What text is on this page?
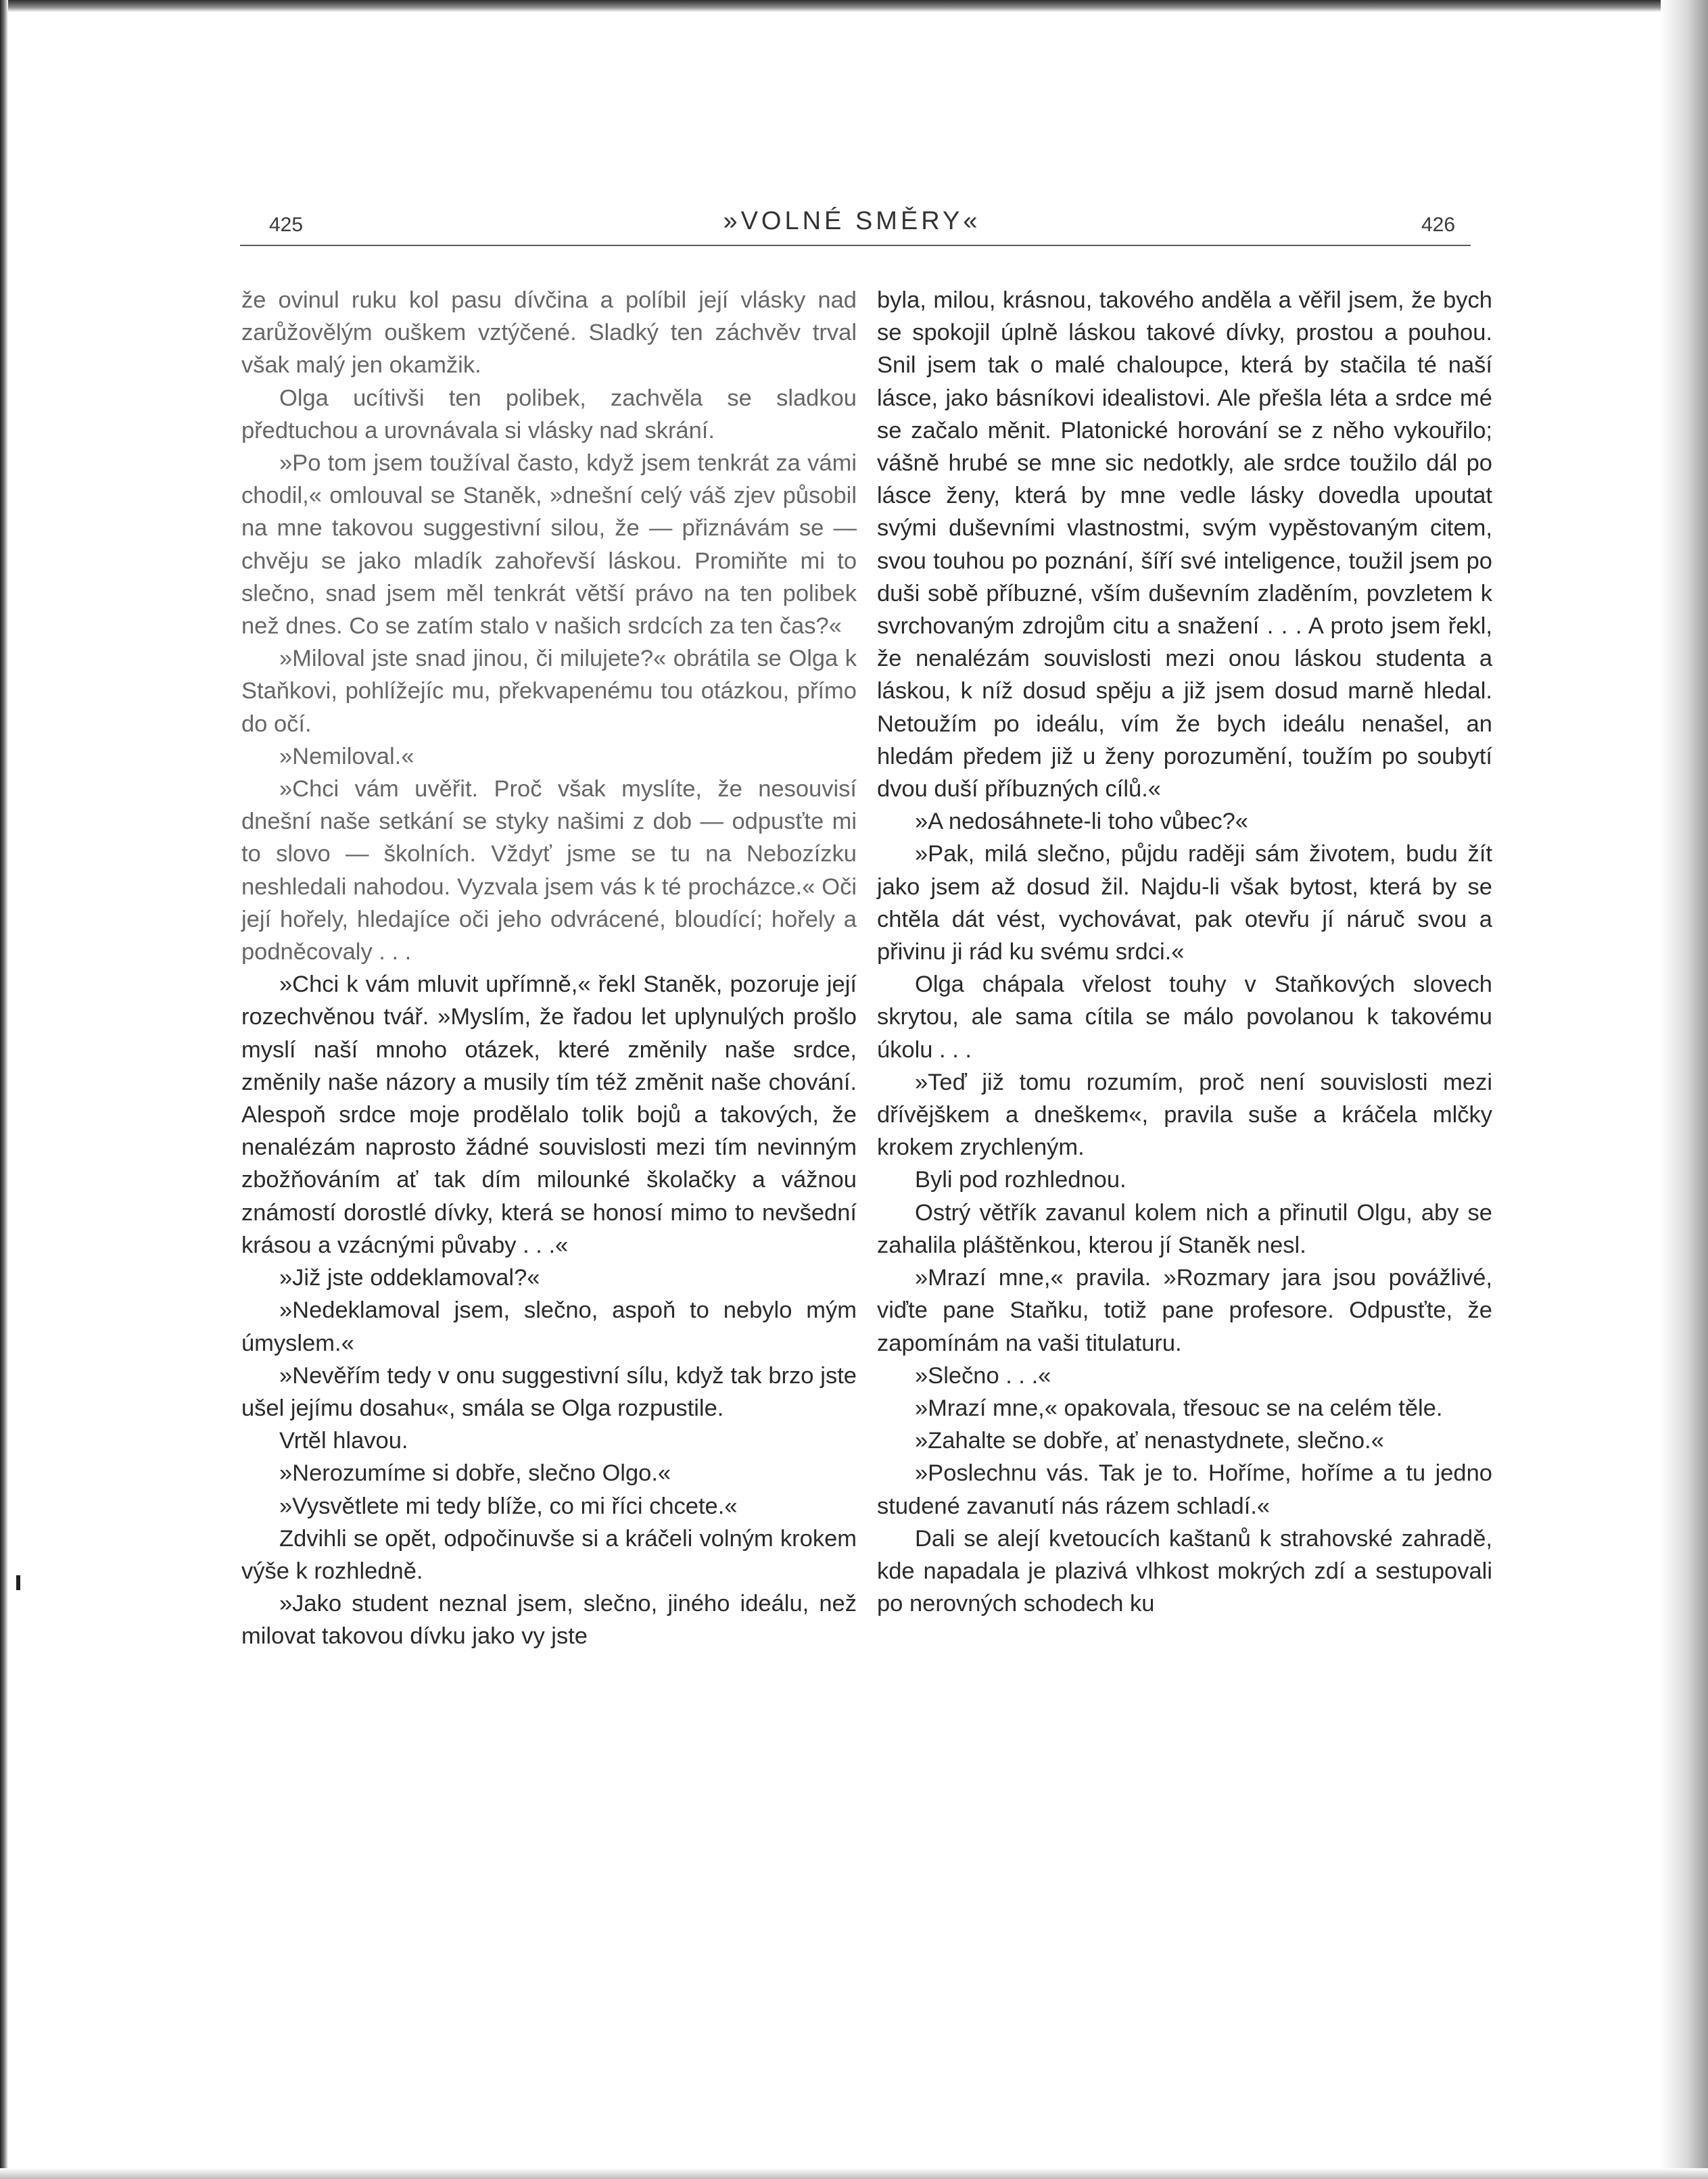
425	»VOLNÉ SMĚRY«	426

že ovinul ruku kol pasu dívčina a políbil její vlásky nad zarůžovělým ouškem vztýčené. Sladký ten záchvěv trval však malý jen okamžik.

Olga ucítivši ten polibek, zachvěla se sladkou předtuchou a urovnávala si vlásky nad skrání.

»Po tom jsem toužíval často, když jsem tenkrát za vámi chodil,« omlouval se Staněk, »dnešní celý váš zjev působil na mne takovou suggestivní silou, že — přiznávám se — chvěju se jako mladík zahořevší láskou. Promiňte mi to slečno, snad jsem měl tenkrát větší právo na ten polibek než dnes. Co se zatím stalo v našich srdcích za ten čas?«

»Miloval jste snad jinou, či milujete?« obrátila se Olga k Staňkovi, pohlížejíc mu, překvapenému tou otázkou, přímo do očí.

»Nemiloval.«

»Chci vám uvěřit. Proč však myslíte, že nesouvisí dnešní naše setkání se styky našimi z dob — odpusťte mi to slovo — školních. Vždyť jsme se tu na Nebozízku neshledali nahodou. Vyzvala jsem vás k té procházce.« Oči její hořely, hledajíce oči jeho odvrácené, bloudící; hořely a podněcovaly . . .

»Chci k vám mluvit upřímně,« řekl Staněk, pozoruje její rozechvěnou tvář. »Myslím, že řadou let uplynulých prošlo myslí naší mnoho otázek, které změnily naše srdce, změnily naše názory a musily tím též změnit naše chování. Alespoň srdce moje prodělalo tolik bojů a takových, že nenalézám naprosto žádné souvislosti mezi tím nevinným zbožňováním ať tak dím milounké školačky a vážnou známostí dorostlé dívky, která se honosí mimo to nevšední krásou a vzácnými půvaby . . .«

»Již jste oddeklamoval?«

»Nedeklamoval jsem, slečno, aspoň to nebylo mým úmyslem.«

»Nevěřím tedy v onu suggestivní sílu, když tak brzo jste ušel jejímu dosahu«, smála se Olga rozpustile.

Vrtěl hlavou.

»Nerozumíme si dobře, slečno Olgo.«

»Vysvětlete mi tedy blíže, co mi říci chcete.«

Zdvihli se opět, odpočinuvše si a kráčeli volným krokem výše k rozhledně.

»Jako student neznal jsem, slečno, jiného ideálu, než milovat takovou dívku jako vy jste

byla, milou, krásnou, takového anděla a věřil jsem, že bych se spokojil úplně láskou takové dívky, prostou a pouhou. Snil jsem tak o malé chaloupce, která by stačila té naší lásce, jako básníkovi idealistovi. Ale přešla léta a srdce mé se začalo měnit. Platonické horování se z něho vykouřilo; vášně hrubé se mne sic nedotkly, ale srdce toužilo dál po lásce ženy, která by mne vedle lásky dovedla upoutat svými duševními vlastnostmi, svým vypěstovaným citem, svou touhou po poznání, šíří své inteligence, toužil jsem po duši sobě příbuzné, vším duševním zladěním, povzletem k svrchovaným zdrojům citu a snažení . . . A proto jsem řekl, že nenalézám souvislosti mezi onou láskou studenta a láskou, k níž dosud spěju a již jsem dosud marně hledal. Netoužím po ideálu, vím že bych ideálu nenašel, an hledám předem již u ženy porozumění, toužím po soubytí dvou duší příbuzných cílů.«

»A nedosáhnete-li toho vůbec?«

»Pak, milá slečno, půjdu raději sám životem, budu žít jako jsem až dosud žil. Najdu-li však bytost, která by se chtěla dát vést, vychovávat, pak otevřu jí náruč svou a přivinu ji rád ku svému srdci.«

Olga chápala vřelost touhy v Staňkových slovech skrytou, ale sama cítila se málo povolanou k takovému úkolu . . .

»Teď již tomu rozumím, proč není souvislosti mezi dřívějškem a dneškem«, pravila suše a kráčela mlčky krokem zrychleným.

Byli pod rozhlednou.

Ostrý větřík zavanul kolem nich a přinutil Olgu, aby se zahalila pláštěnkou, kterou jí Staněk nesl.

»Mrazí mne,« pravila. »Rozmary jara jsou povážlivé, viďte pane Staňku, totiž pane profesore. Odpusťte, že zapomínám na vaši titulaturu.

»Slečno . . .«

»Mrazí mne,« opakovala, třesouc se na celém těle.

»Zahalte se dobře, ať nenastydnete, slečno.«

»Poslechnu vás. Tak je to. Hoříme, hoříme a tu jedno studené zavanutí nás rázem schladí.«

Dali se alejí kvetoucích kaštanů k strahovské zahradě, kde napadala je plazivá vlhkost mokrých zdí a sestupovali po nerovných schodech ku
